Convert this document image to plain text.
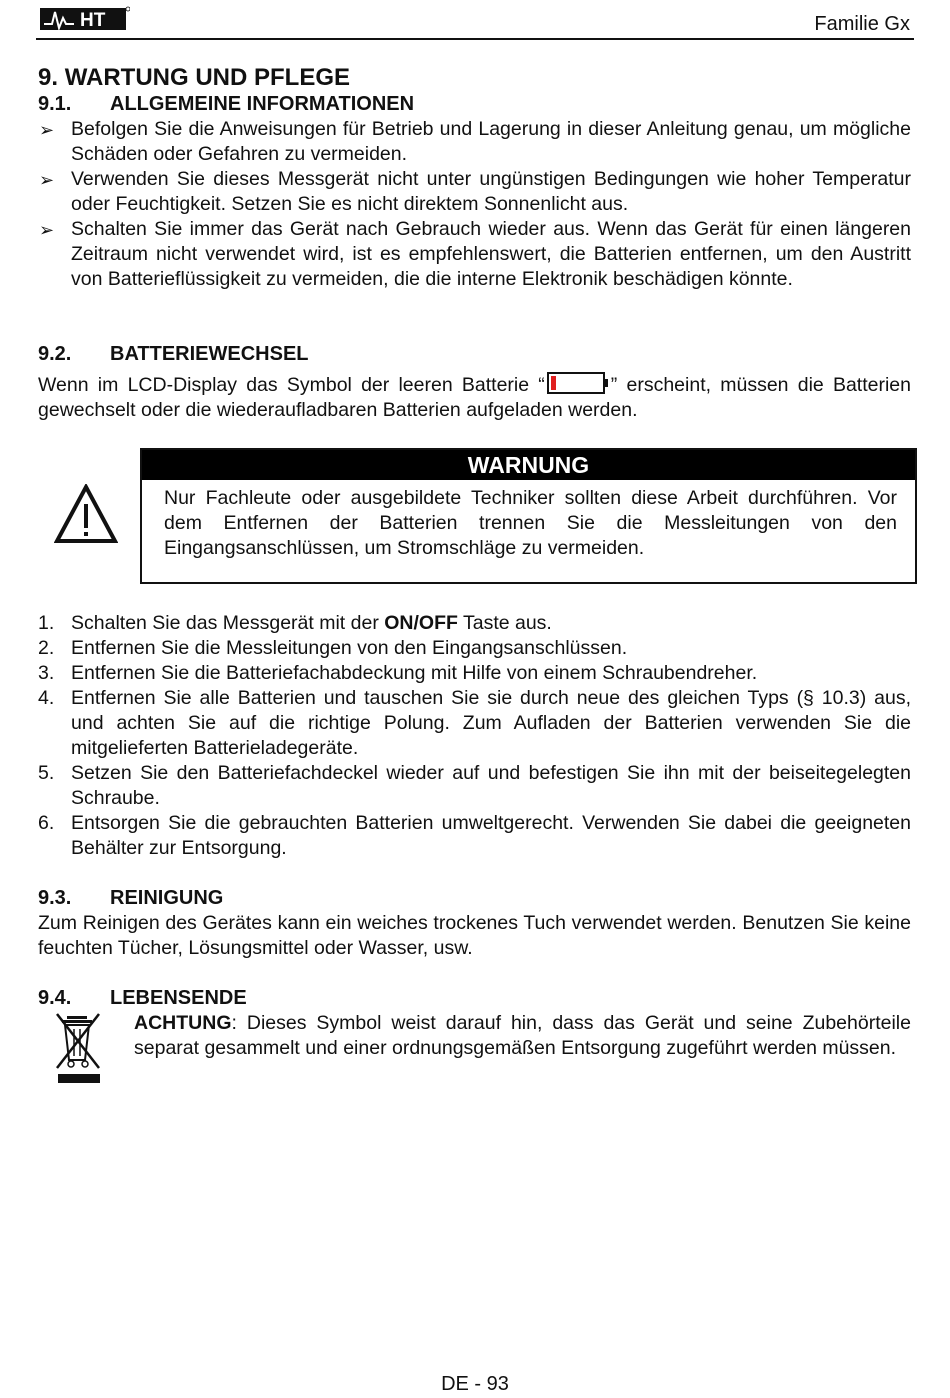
HT	Familie Gx
9. WARTUNG UND PFLEGE
9.1. ALLGEMEINE INFORMATIONEN
➢ Befolgen Sie die Anweisungen für Betrieb und Lagerung in dieser Anleitung genau, um mögliche Schäden oder Gefahren zu vermeiden.
➢ Verwenden Sie dieses Messgerät nicht unter ungünstigen Bedingungen wie hoher Temperatur oder Feuchtigkeit. Setzen Sie es nicht direktem Sonnenlicht aus.
➢ Schalten Sie immer das Gerät nach Gebrauch wieder aus. Wenn das Gerät für einen längeren Zeitraum nicht verwendet wird, ist es empfehlenswert, die Batterien entfernen, um den Austritt von Batterieflüssigkeit zu vermeiden, die die interne Elektronik beschädigen könnte.
9.2. BATTERIEWECHSEL
Wenn im LCD-Display das Symbol der leeren Batterie “	” erscheint, müssen die Batterien gewechselt oder die wiederaufladbaren Batterien aufgeladen werden.
WARNUNG
Nur Fachleute oder ausgebildete Techniker sollten diese Arbeit durchführen. Vor dem Entfernen der Batterien trennen Sie die Messleitungen von den Eingangsanschlüssen, um Stromschläge zu vermeiden.
1. Schalten Sie das Messgerät mit der ON/OFF Taste aus.
2. Entfernen Sie die Messleitungen von den Eingangsanschlüssen.
3. Entfernen Sie die Batteriefachabdeckung mit Hilfe von einem Schraubendreher.
4. Entfernen Sie alle Batterien und tauschen Sie sie durch neue des gleichen Typs (§ 10.3) aus, und achten Sie auf die richtige Polung. Zum Aufladen der Batterien verwenden Sie die mitgelieferten Batterieladegeräte.
5. Setzen Sie den Batteriefachdeckel wieder auf und befestigen Sie ihn mit der beiseitegelegten Schraube.
6. Entsorgen Sie die gebrauchten Batterien umweltgerecht. Verwenden Sie dabei die geeigneten Behälter zur Entsorgung.
9.3. REINIGUNG
Zum Reinigen des Gerätes kann ein weiches trockenes Tuch verwendet werden. Benutzen Sie keine feuchten Tücher, Lösungsmittel oder Wasser, usw.
9.4. LEBENSENDE
ACHTUNG: Dieses Symbol weist darauf hin, dass das Gerät und seine Zubehörteile separat gesammelt und einer ordnungsgemäßen Entsorgung zugeführt werden müssen.
DE - 93
